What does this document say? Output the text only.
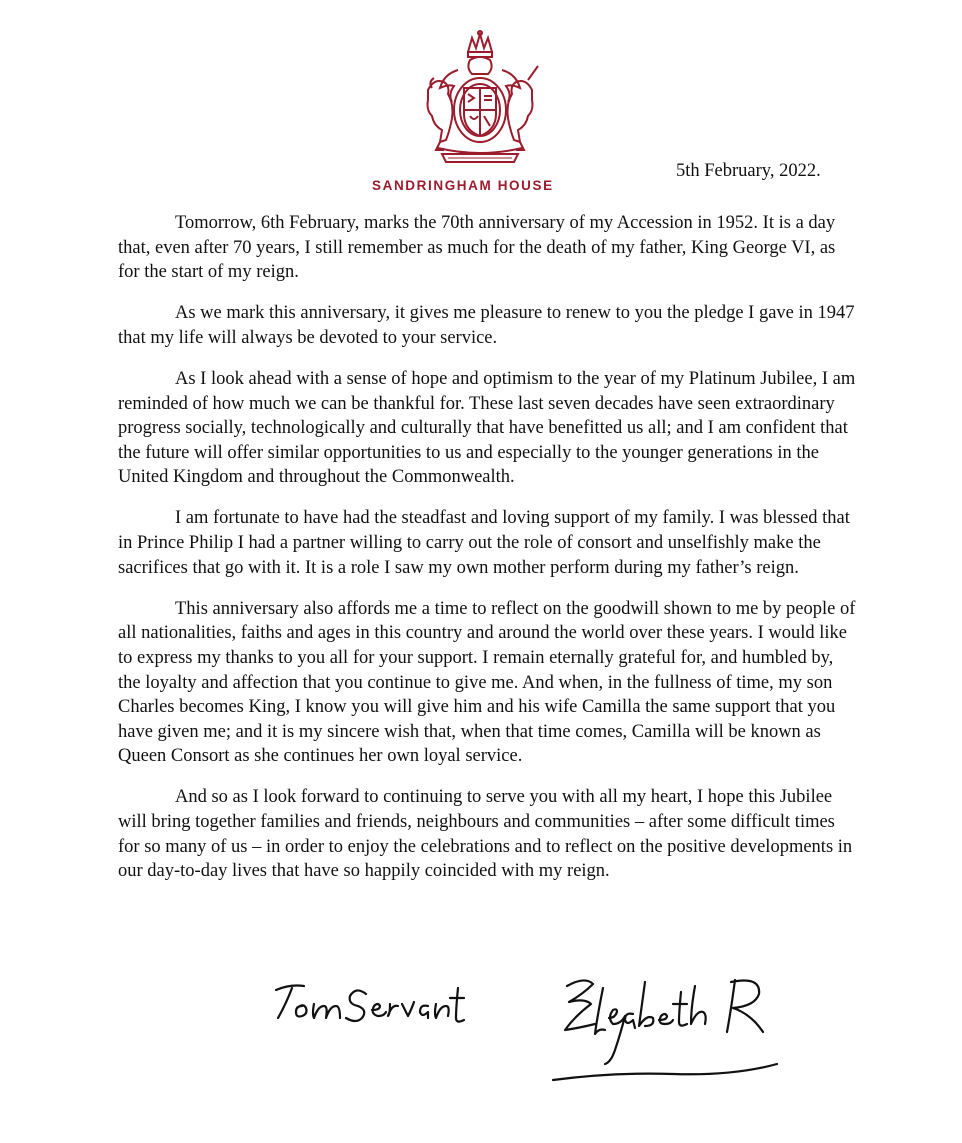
SANDRINGHAM HOUSE
5th February, 2022.

Tomorrow, 6th February, marks the 70th anniversary of my Accession in 1952. It is a day that, even after 70 years, I still remember as much for the death of my father, King George VI, as for the start of my reign.

As we mark this anniversary, it gives me pleasure to renew to you the pledge I gave in 1947 that my life will always be devoted to your service.

As I look ahead with a sense of hope and optimism to the year of my Platinum Jubilee, I am reminded of how much we can be thankful for. These last seven decades have seen extraordinary progress socially, technologically and culturally that have benefitted us all; and I am confident that the future will offer similar opportunities to us and especially to the younger generations in the United Kingdom and throughout the Commonwealth.

I am fortunate to have had the steadfast and loving support of my family. I was blessed that in Prince Philip I had a partner willing to carry out the role of consort and unselfishly make the sacrifices that go with it. It is a role I saw my own mother perform during my father’s reign.

This anniversary also affords me a time to reflect on the goodwill shown to me by people of all nationalities, faiths and ages in this country and around the world over these years. I would like to express my thanks to you all for your support. I remain eternally grateful for, and humbled by, the loyalty and affection that you continue to give me. And when, in the fullness of time, my son Charles becomes King, I know you will give him and his wife Camilla the same support that you have given me; and it is my sincere wish that, when that time comes, Camilla will be known as Queen Consort as she continues her own loyal service.

And so as I look forward to continuing to serve you with all my heart, I hope this Jubilee will bring together families and friends, neighbours and communities – after some difficult times for so many of us – in order to enjoy the celebrations and to reflect on the positive developments in our day-to-day lives that have so happily coincided with my reign.
